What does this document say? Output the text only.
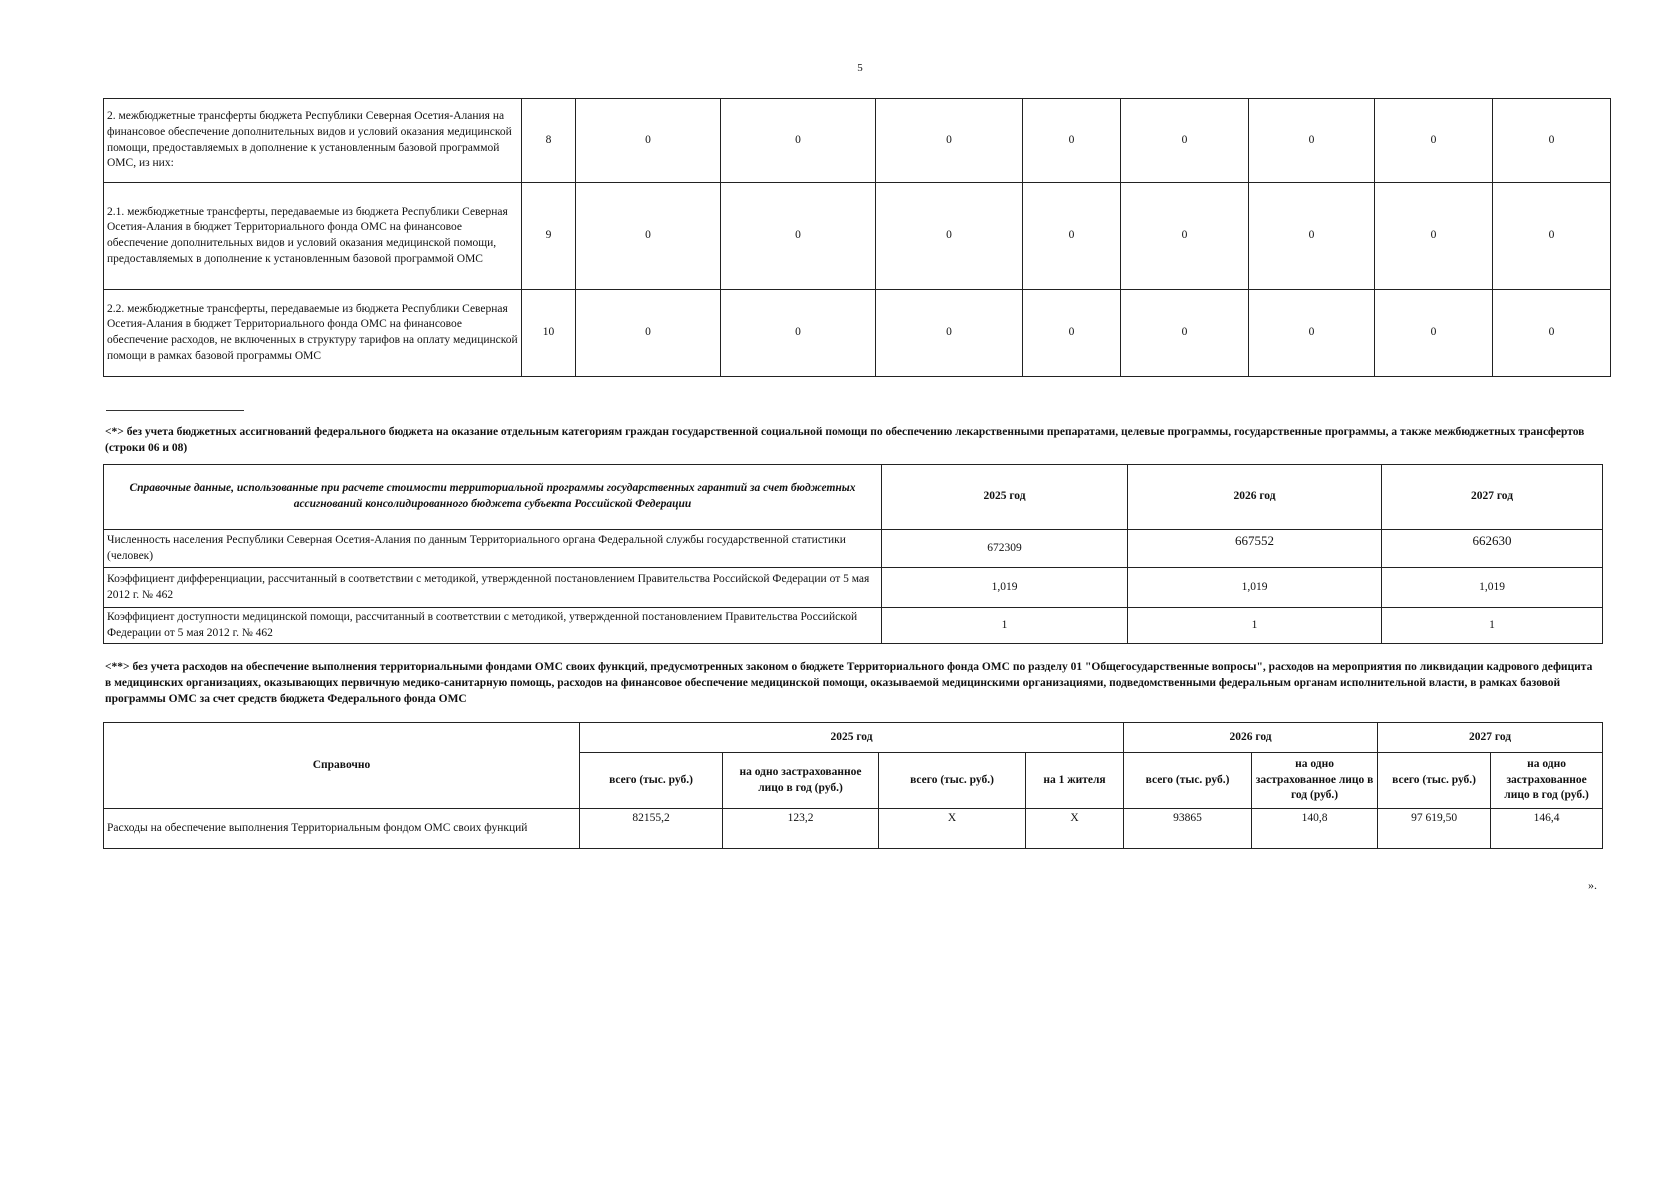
5
2. межбюджетные трансферты бюджета Республики Северная Осетия-Алания на финансовое обеспечение дополнительных видов и условий оказания медицинской помощи, предоставляемых в дополнение к установленным базовой программой ОМС, из них:	8	0	0	0	0	0	0	0	0
2.1. межбюджетные трансферты, передаваемые из бюджета Республики Северная Осетия-Алания в бюджет Территориального фонда ОМС на финансовое обеспечение дополнительных видов и условий оказания медицинской помощи, предоставляемых в дополнение к установленным базовой программой ОМС	9	0	0	0	0	0	0	0	0
2.2. межбюджетные трансферты, передаваемые из бюджета Республики Северная Осетия-Алания в бюджет Территориального фонда ОМС на финансовое обеспечение расходов, не включенных в структуру тарифов на оплату медицинской помощи в рамках базовой программы ОМС	10	0	0	0	0	0	0	0	0
<*> без учета бюджетных ассигнований федерального бюджета на оказание отдельным категориям граждан государственной социальной помощи по обеспечению лекарственными препаратами, целевые программы, государственные программы, а также межбюджетных трансфертов (строки 06 и 08)
Справочные данные, использованные при расчете стоимости территориальной программы государственных гарантий за счет бюджетных ассигнований консолидированного бюджета субъекта Российской Федерации	2025 год	2026 год	2027 год
Численность населения Республики Северная Осетия-Алания по данным Территориального органа Федеральной службы государственной статистики (человек)	672309	667552	662630
Коэффициент дифференциации, рассчитанный в соответствии с методикой, утвержденной постановлением Правительства Российской Федерации от 5 мая 2012 г. № 462	1,019	1,019	1,019
Коэффициент доступности медицинской помощи, рассчитанный в соответствии с методикой, утвержденной постановлением Правительства Российской Федерации от 5 мая 2012 г. № 462	1	1	1
<**> без учета расходов на обеспечение выполнения территориальными фондами ОМС своих функций, предусмотренных законом о бюджете Территориального фонда ОМС по разделу 01 "Общегосударственные вопросы", расходов на мероприятия по ликвидации кадрового дефицита в медицинских организациях, оказывающих первичную медико-санитарную помощь, расходов на финансовое обеспечение медицинской помощи, оказываемой медицинскими организациями, подведомственными федеральным органам исполнительной власти, в рамках базовой программы ОМС за счет средств бюджета Федерального фонда ОМС
Справочно	2025 год				2026 год		2027 год	
	всего (тыс. руб.)	на одно застрахованное лицо в год (руб.)	всего (тыс. руб.)	на 1 жителя	всего (тыс. руб.)	на одно застрахованное лицо в год (руб.)	всего (тыс. руб.)	на одно застрахованное лицо в год (руб.)
Расходы на обеспечение выполнения Территориальным фондом ОМС своих функций	82155,2	123,2	Х	Х	93865	140,8	97 619,50	146,4
».
